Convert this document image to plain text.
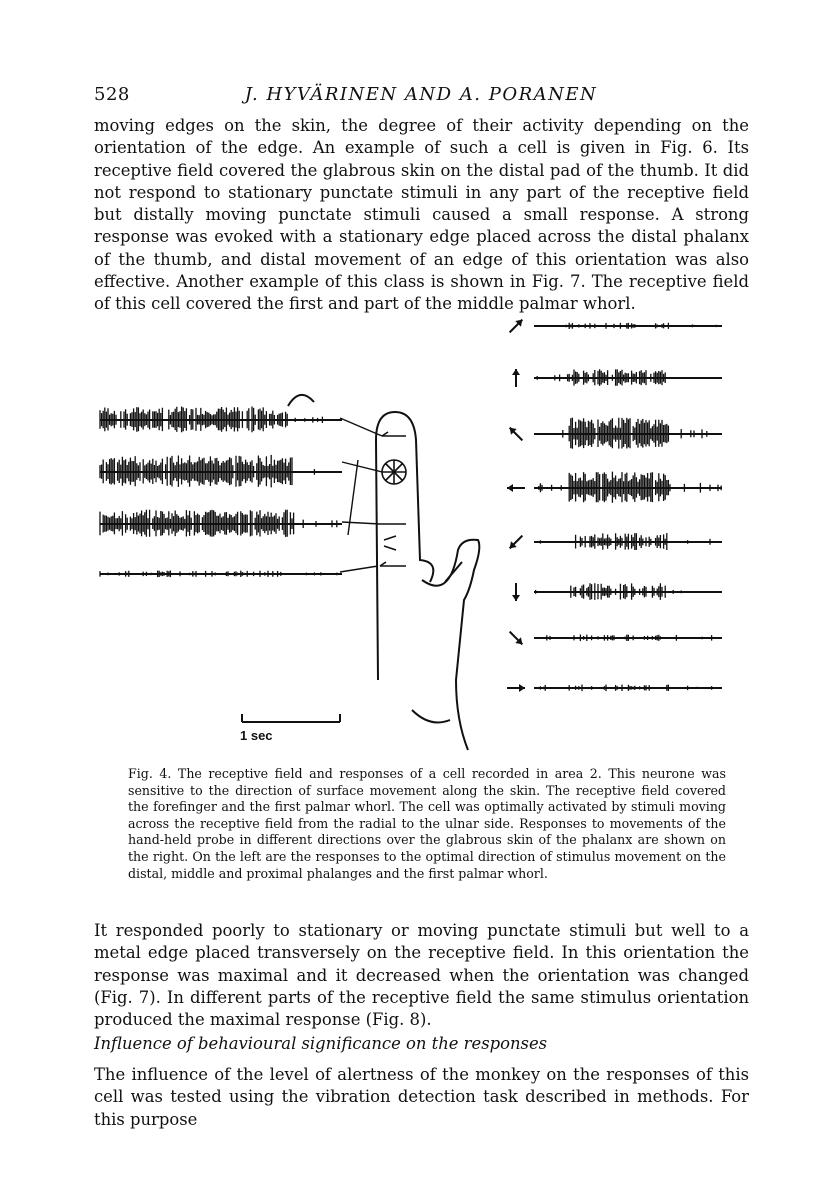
528	J. HYVÄRINEN AND A. PORANEN

moving edges on the skin, the degree of their activity depending on the orientation of the edge. An example of such a cell is given in Fig. 6. Its receptive field covered the glabrous skin on the distal pad of the thumb. It did not respond to stationary punctate stimuli in any part of the receptive field but distally moving punctate stimuli caused a small response. A strong response was evoked with a stationary edge placed across the distal phalanx of the thumb, and distal movement of an edge of this orientation was also effective. Another example of this class is shown in Fig. 7. The receptive field of this cell covered the first and part of the middle palmar whorl.

1 sec

Fig. 4. The receptive field and responses of a cell recorded in area 2. This neurone was sensitive to the direction of surface movement along the skin. The receptive field covered the forefinger and the first palmar whorl. The cell was optimally activated by stimuli moving across the receptive field from the radial to the ulnar side. Responses to movements of the hand-held probe in different directions over the glabrous skin of the phalanx are shown on the right. On the left are the responses to the optimal direction of stimulus movement on the distal, middle and proximal phalanges and the first palmar whorl.

It responded poorly to stationary or moving punctate stimuli but well to a metal edge placed transversely on the receptive field. In this orientation the response was maximal and it decreased when the orientation was changed (Fig. 7). In different parts of the receptive field the same stimulus orientation produced the maximal response (Fig. 8).

Influence of behavioural significance on the responses

The influence of the level of alertness of the monkey on the responses of this cell was tested using the vibration detection task described in methods. For this purpose
